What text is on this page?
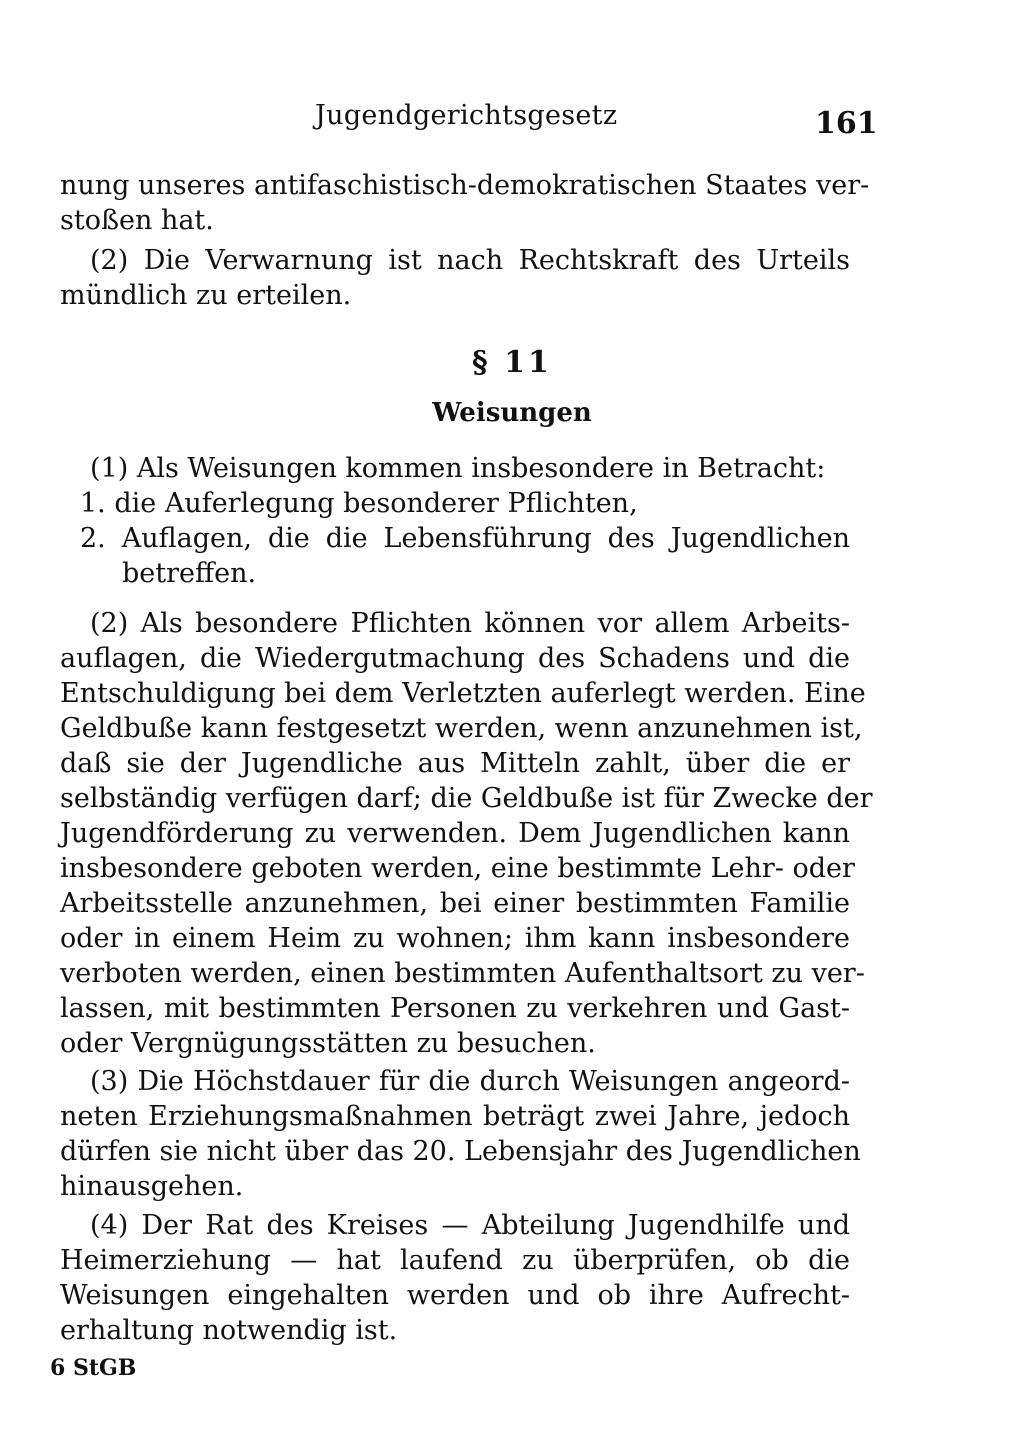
Jugendgerichtsgesetz	161
nung unseres antifaschistisch-demokratischen Staates ver-
stoßen hat.
(2) Die Verwarnung ist nach Rechtskraft des Urteils
mündlich zu erteilen.
§ 11
Weisungen
(1) Als Weisungen kommen insbesondere in Betracht:
1. die Auferlegung besonderer Pflichten,
2. Auflagen, die die Lebensführung des Jugendlichen
betreffen.
(2) Als besondere Pflichten können vor allem Arbeits-
auflagen, die Wiedergutmachung des Schadens und die
Entschuldigung bei dem Verletzten auferlegt werden. Eine
Geldbuße kann festgesetzt werden, wenn anzunehmen ist,
daß sie der Jugendliche aus Mitteln zahlt, über die er
selbständig verfügen darf; die Geldbuße ist für Zwecke der
Jugendförderung zu verwenden. Dem Jugendlichen kann
insbesondere geboten werden, eine bestimmte Lehr- oder
Arbeitsstelle anzunehmen, bei einer bestimmten Familie
oder in einem Heim zu wohnen; ihm kann insbesondere
verboten werden, einen bestimmten Aufenthaltsort zu ver-
lassen, mit bestimmten Personen zu verkehren und Gast-
oder Vergnügungsstätten zu besuchen.
(3) Die Höchstdauer für die durch Weisungen angeord-
neten Erziehungsmaßnahmen beträgt zwei Jahre, jedoch
dürfen sie nicht über das 20. Lebensjahr des Jugendlichen
hinausgehen.
(4) Der Rat des Kreises — Abteilung Jugendhilfe und
Heimerziehung — hat laufend zu überprüfen, ob die
Weisungen eingehalten werden und ob ihre Aufrecht-
erhaltung notwendig ist.
6 StGB
